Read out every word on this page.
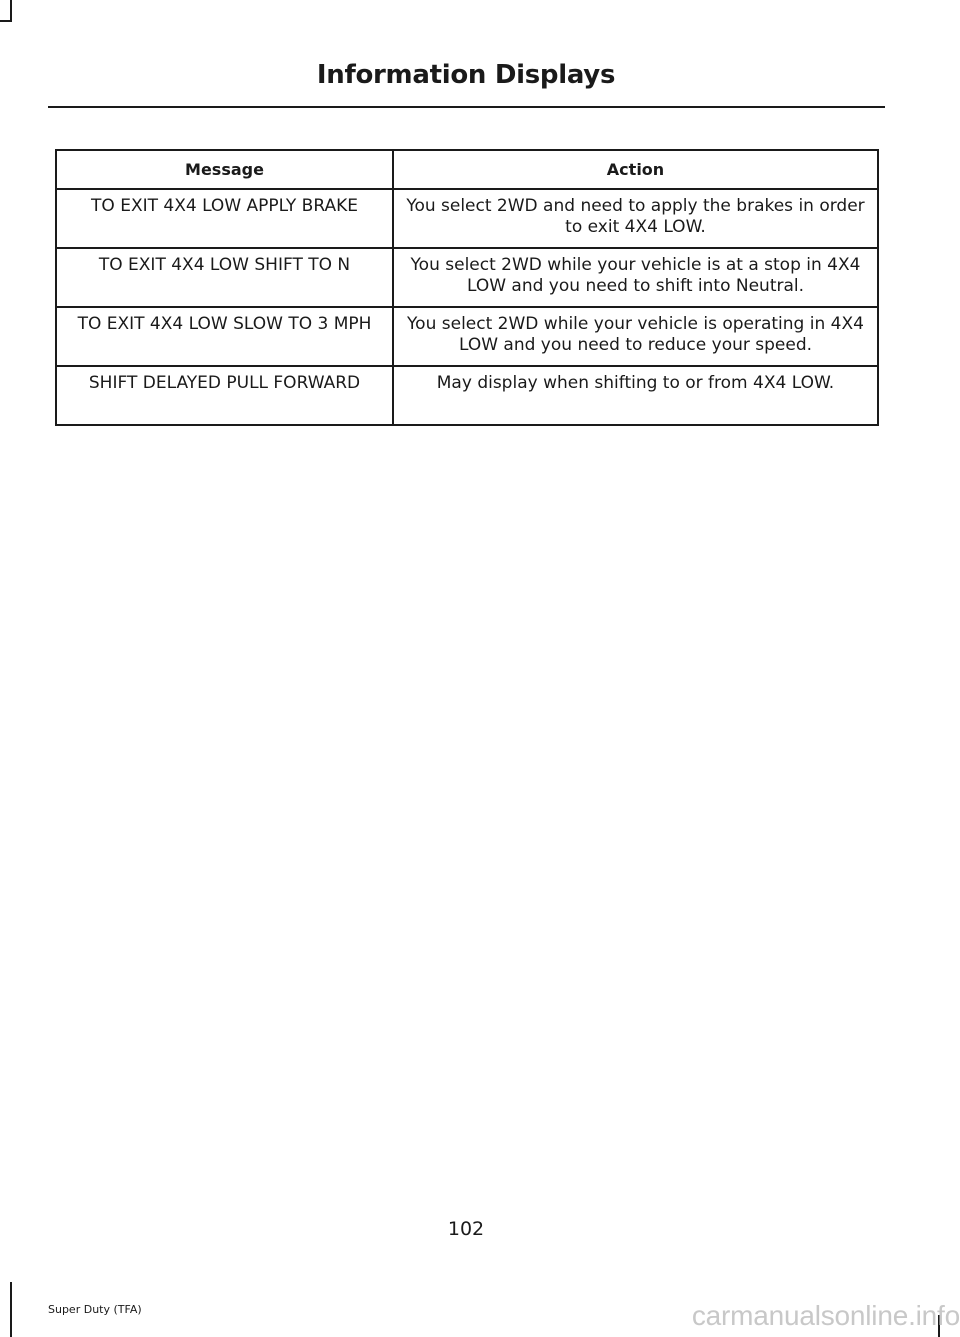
Information Displays
Message	Action
TO EXIT 4X4 LOW APPLY BRAKE	You select 2WD and need to apply the brakes in order to exit 4X4 LOW.
TO EXIT 4X4 LOW SHIFT TO N	You select 2WD while your vehicle is at a stop in 4X4 LOW and you need to shift into Neutral.
TO EXIT 4X4 LOW SLOW TO 3 MPH	You select 2WD while your vehicle is operating in 4X4 LOW and you need to reduce your speed.
SHIFT DELAYED PULL FORWARD	May display when shifting to or from 4X4 LOW.
102
Super Duty (TFA)	carmanualsonline.info
